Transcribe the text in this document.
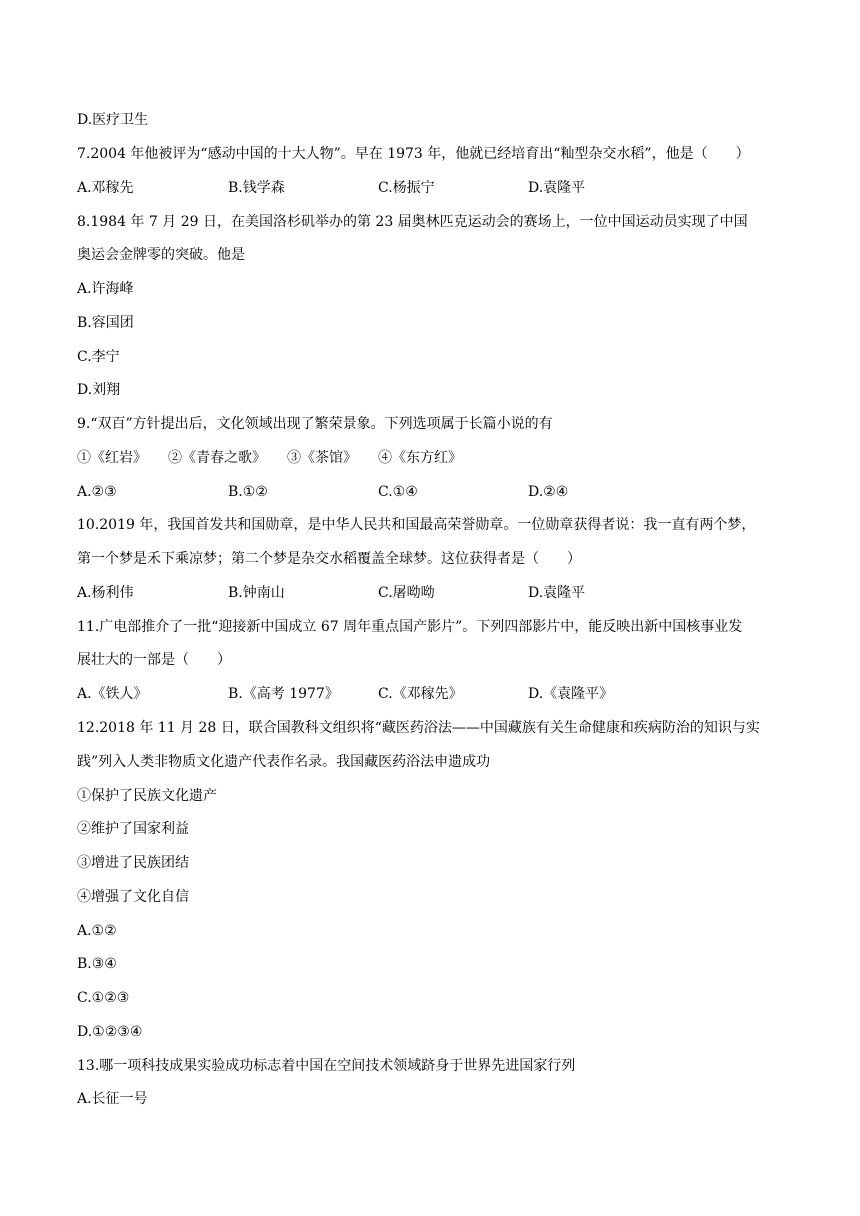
D.医疗卫生
7.2004 年他被评为“感动中国的十大人物”。早在 1973 年，他就已经培育出“籼型杂交水稻”，他是（　　）
A.邓稼先	B.钱学森	C.杨振宁	D.袁隆平
8.1984 年 7 月 29 日，在美国洛杉矶举办的第 23 届奥林匹克运动会的赛场上，一位中国运动员实现了中国
奥运会金牌零的突破。他是
A.许海峰
B.容国团
C.李宁
D.刘翔
9.“双百”方针提出后，文化领域出现了繁荣景象。下列选项属于长篇小说的有
①《红岩》　　②《青春之歌》　　③《茶馆》　　④《东方红》
A.②③	B.①②	C.①④	D.②④
10.2019 年，我国首发共和国勋章，是中华人民共和国最高荣誉勋章。一位勋章获得者说：我一直有两个梦，
第一个梦是禾下乘凉梦；第二个梦是杂交水稻覆盖全球梦。这位获得者是（　　）
A.杨利伟	B.钟南山	C.屠呦呦	D.袁隆平
11.广电部推介了一批“迎接新中国成立 67 周年重点国产影片”。下列四部影片中，能反映出新中国核事业发
展壮大的一部是（　　）
A.《铁人》	B.《高考 1977》	C.《邓稼先》	D.《袁隆平》
12.2018 年 11 月 28 日，联合国教科文组织将“藏医药浴法——中国藏族有关生命健康和疾病防治的知识与实
践”列入人类非物质文化遗产代表作名录。我国藏医药浴法申遗成功
①保护了民族文化遗产
②维护了国家利益
③增进了民族团结
④增强了文化自信
A.①②
B.③④
C.①②③
D.①②③④
13.哪一项科技成果实验成功标志着中国在空间技术领域跻身于世界先进国家行列
A.长征一号
